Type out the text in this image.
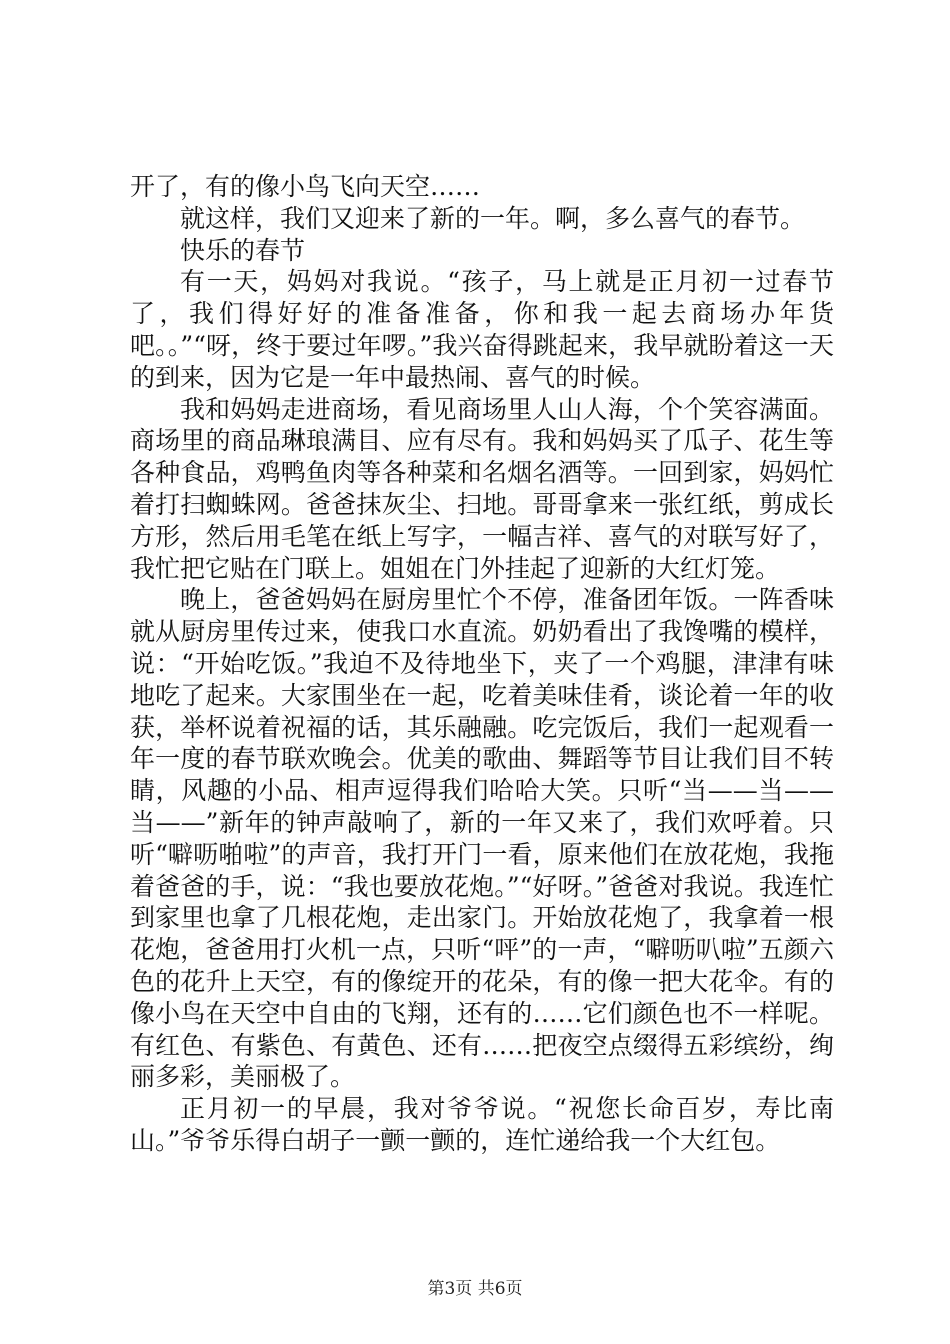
开了，有的像小鸟飞向天空……

就这样，我们又迎来了新的一年。啊，多么喜气的春节。

快乐的春节

有一天，妈妈对我说。“孩子，马上就是正月初一过春节了，我们得好好的准备准备，你和我一起去商场办年货吧。。”“呀，终于要过年啰。”我兴奋得跳起来，我早就盼着这一天的到来，因为它是一年中最热闹、喜气的时候。

我和妈妈走进商场，看见商场里人山人海，个个笑容满面。商场里的商品琳琅满目、应有尽有。我和妈妈买了瓜子、花生等各种食品，鸡鸭鱼肉等各种菜和名烟名酒等。一回到家，妈妈忙着打扫蜘蛛网。爸爸抹灰尘、扫地。哥哥拿来一张红纸，剪成长方形，然后用毛笔在纸上写字，一幅吉祥、喜气的对联写好了，我忙把它贴在门联上。姐姐在门外挂起了迎新的大红灯笼。

晚上，爸爸妈妈在厨房里忙个不停，准备团年饭。一阵香味就从厨房里传过来，使我口水直流。奶奶看出了我馋嘴的模样，说：“开始吃饭。”我迫不及待地坐下，夹了一个鸡腿，津津有味地吃了起来。大家围坐在一起，吃着美味佳肴，谈论着一年的收获，举杯说着祝福的话，其乐融融。吃完饭后，我们一起观看一年一度的春节联欢晚会。优美的歌曲、舞蹈等节目让我们目不转睛，风趣的小品、相声逗得我们哈哈大笑。只听“当——当——当——”新年的钟声敲响了，新的一年又来了，我们欢呼着。只听“噼呖啪啦”的声音，我打开门一看，原来他们在放花炮，我拖着爸爸的手，说：“我也要放花炮。”“好呀。”爸爸对我说。我连忙到家里也拿了几根花炮，走出家门。开始放花炮了，我拿着一根花炮，爸爸用打火机一点，只听“呯”的一声，“噼呖叭啦”五颜六色的花升上天空，有的像绽开的花朵，有的像一把大花伞。有的像小鸟在天空中自由的飞翔，还有的……它们颜色也不一样呢。有红色、有紫色、有黄色、还有……把夜空点缀得五彩缤纷，绚丽多彩，美丽极了。

正月初一的早晨，我对爷爷说。“祝您长命百岁，寿比南山。”爷爷乐得白胡子一颤一颤的，连忙递给我一个大红包。

第3页 共6页
